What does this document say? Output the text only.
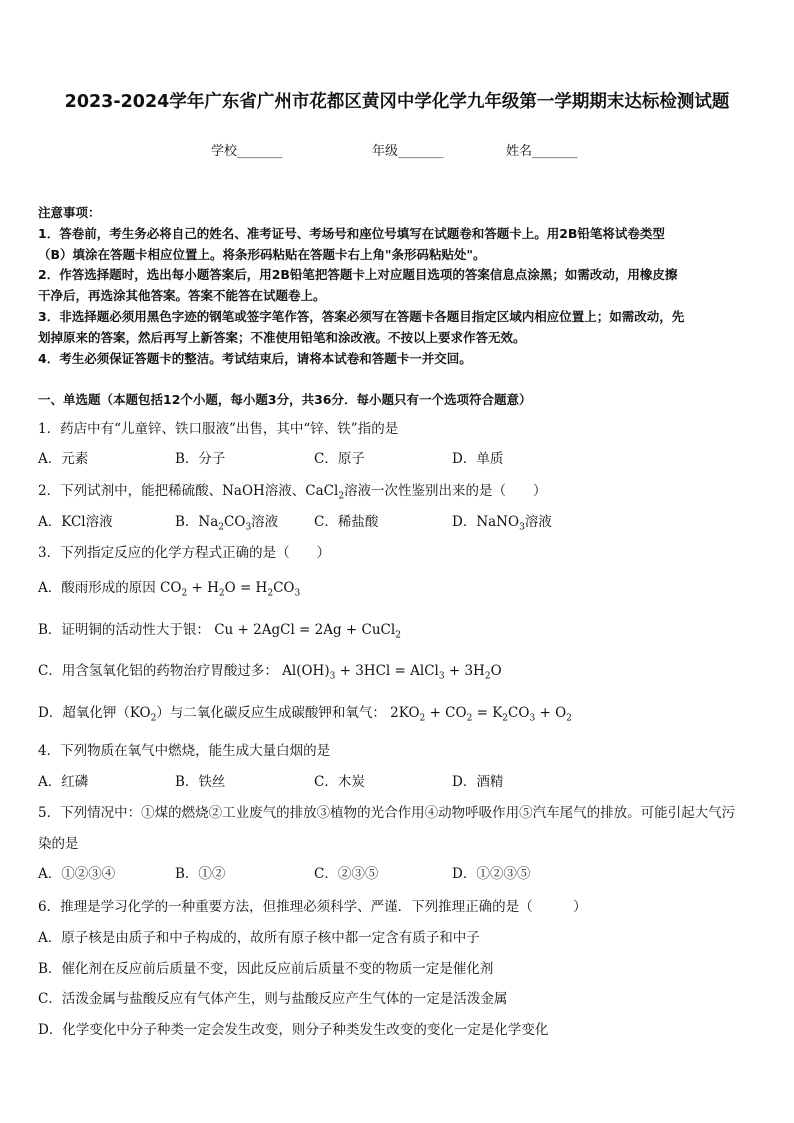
2023-2024学年广东省广州市花都区黄冈中学化学九年级第一学期期末达标检测试题
学校_______	年级_______	姓名_______
注意事项：
1．答卷前，考生务必将自己的姓名、准考证号、考场号和座位号填写在试题卷和答题卡上。用2B铅笔将试卷类型
（B）填涂在答题卡相应位置上。将条形码粘贴在答题卡右上角"条形码粘贴处"。
2．作答选择题时，选出每小题答案后，用2B铅笔把答题卡上对应题目选项的答案信息点涂黑；如需改动，用橡皮擦
干净后，再选涂其他答案。答案不能答在试题卷上。
3．非选择题必须用黑色字迹的钢笔或签字笔作答，答案必须写在答题卡各题目指定区域内相应位置上；如需改动，先
划掉原来的答案，然后再写上新答案；不准使用铅笔和涂改液。不按以上要求作答无效。
4．考生必须保证答题卡的整洁。考试结束后，请将本试卷和答题卡一并交回。
一、单选题（本题包括12个小题，每小题3分，共36分．每小题只有一个选项符合题意）
1．药店中有“儿童锌、铁口服液”出售，其中“锌、铁”指的是
A．元素	B．分子	C．原子	D．单质
2．下列试剂中，能把稀硫酸、NaOH溶液、CaCl$_2$溶液一次性鉴别出来的是（　　）
A．KCl溶液	B．$Na_2CO_3$溶液	C．稀盐酸	D．NaNO$_3$溶液
3．下列指定反应的化学方程式正确的是（　　）
A．酸雨形成的原因 $CO_2 + H_2O = H_2CO_3$
B．证明铜的活动性大于银： Cu + 2AgCl = 2Ag + CuCl$_2$
C．用含氢氧化铝的药物治疗胃酸过多： $Al(OH)_3 + 3HCl$ = AlCl$_3$ + $3H_2O$
D．超氧化钾$(KO_2)$与二氧化碳反应生成碳酸钾和氧气： $2KO_2 + CO_2 = K_2CO_3 + O_2$
4．下列物质在氧气中燃烧，能生成大量白烟的是
A．红磷	B．铁丝	C．木炭	D．酒精
5．下列情况中：①煤的燃烧②工业废气的排放③植物的光合作用④动物呼吸作用⑤汽车尾气的排放。可能引起大气污
染的是
A．①②③④	B．①②	C．②③⑤	D．①②③⑤
6．推理是学习化学的一种重要方法，但推理必须科学、严谨．下列推理正确的是（　　　）
A．原子核是由质子和中子构成的，故所有原子核中都一定含有质子和中子
B．催化剂在反应前后质量不变，因此反应前后质量不变的物质一定是催化剂
C．活泼金属与盐酸反应有气体产生，则与盐酸反应产生气体的一定是活泼金属
D．化学变化中分子种类一定会发生改变，则分子种类发生改变的变化一定是化学变化
